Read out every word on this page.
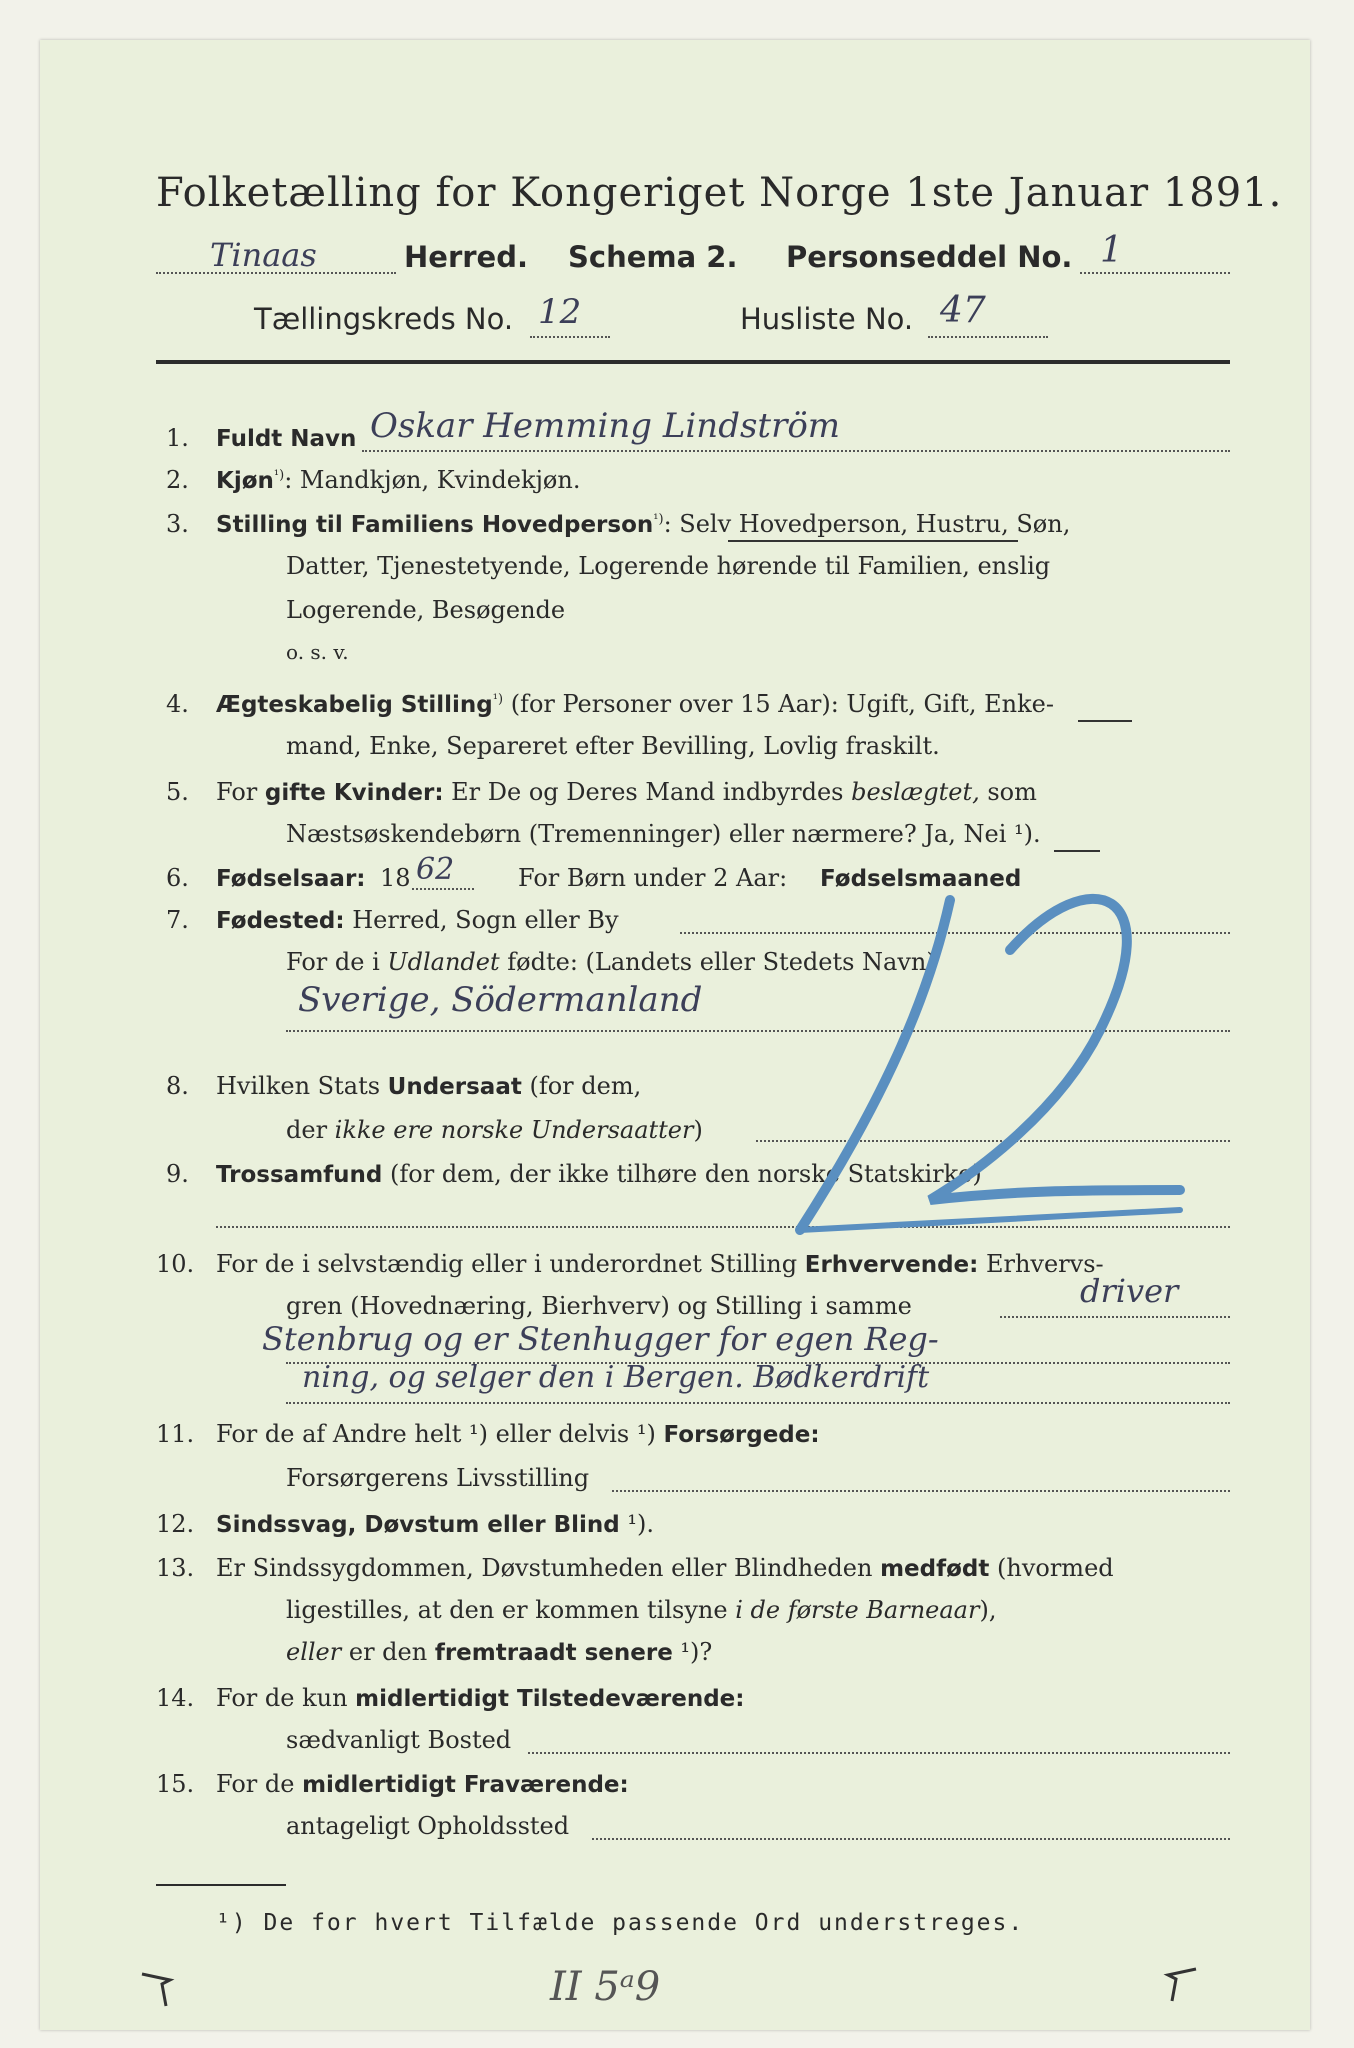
Folketælling for Kongeriget Norge 1ste Januar 1891.
Tinaas	Herred. Schema 2. Personseddel No. 1
Tællingskreds No. 12	Husliste No. 47
1. Fuldt Navn Oskar Hemming Lindström
2. Kjøn$^{^1)}$: Mandkjøn, Kvindekjøn.
3. Stilling til Familiens Hovedperson$^{^1)}$: Selv Hovedperson, Hustru, Søn,
Datter, Tjenestetyende, Logerende hørende til Familien, enslig
Logerende, Besøgende
o. s. v.
4. Ægteskabelig Stilling$^{^1)}$ (for Personer over 15 Aar): Ugift, Gift, Enke-
mand, Enke, Separeret efter Bevilling, Lovlig fraskilt.
5. For gifte Kvinder: Er De og Deres Mand indbyrdes beslægtet, som
Næstsøskendebørn (Tremenninger) eller nærmere? Ja, Nei ¹).
6. Fødselsaar: 18 62	For Børn under 2 Aar: Fødselsmaaned
7. Fødested: Herred, Sogn eller By
For de i Udlandet fødte: (Landets eller Stedets Navn)
Sverige, Södermanland
8. Hvilken Stats Undersaat (for dem,
der ikke ere norske Undersaatter)
9. Trossamfund (for dem, der ikke tilhøre den norske Statskirke)
10. For de i selvstændig eller i underordnet Stilling Erhvervende: Erhvervs-
gren (Hovednæring, Bierhverv) og Stilling i samme	driver
Stenbrug og er Stenhugger for egen Reg-
ning, og selger den i Bergen. Bødkerdrift
11. For de af Andre helt ¹) eller delvis ¹) Forsørgede:
Forsørgerens Livsstilling
12. Sindssvag, Døvstum eller Blind ¹).
13. Er Sindssygdommen, Døvstumheden eller Blindheden medfødt (hvormed
ligestilles, at den er kommen tilsyne i de første Barneaar),
eller er den fremtraadt senere ¹)?
14. For de kun midlertidigt Tilstedeværende:
sædvanligt Bosted
15. For de midlertidigt Fraværende:
antageligt Opholdssted
¹) De for hvert Tilfælde passende Ord understreges.
II 5ᵃ9
